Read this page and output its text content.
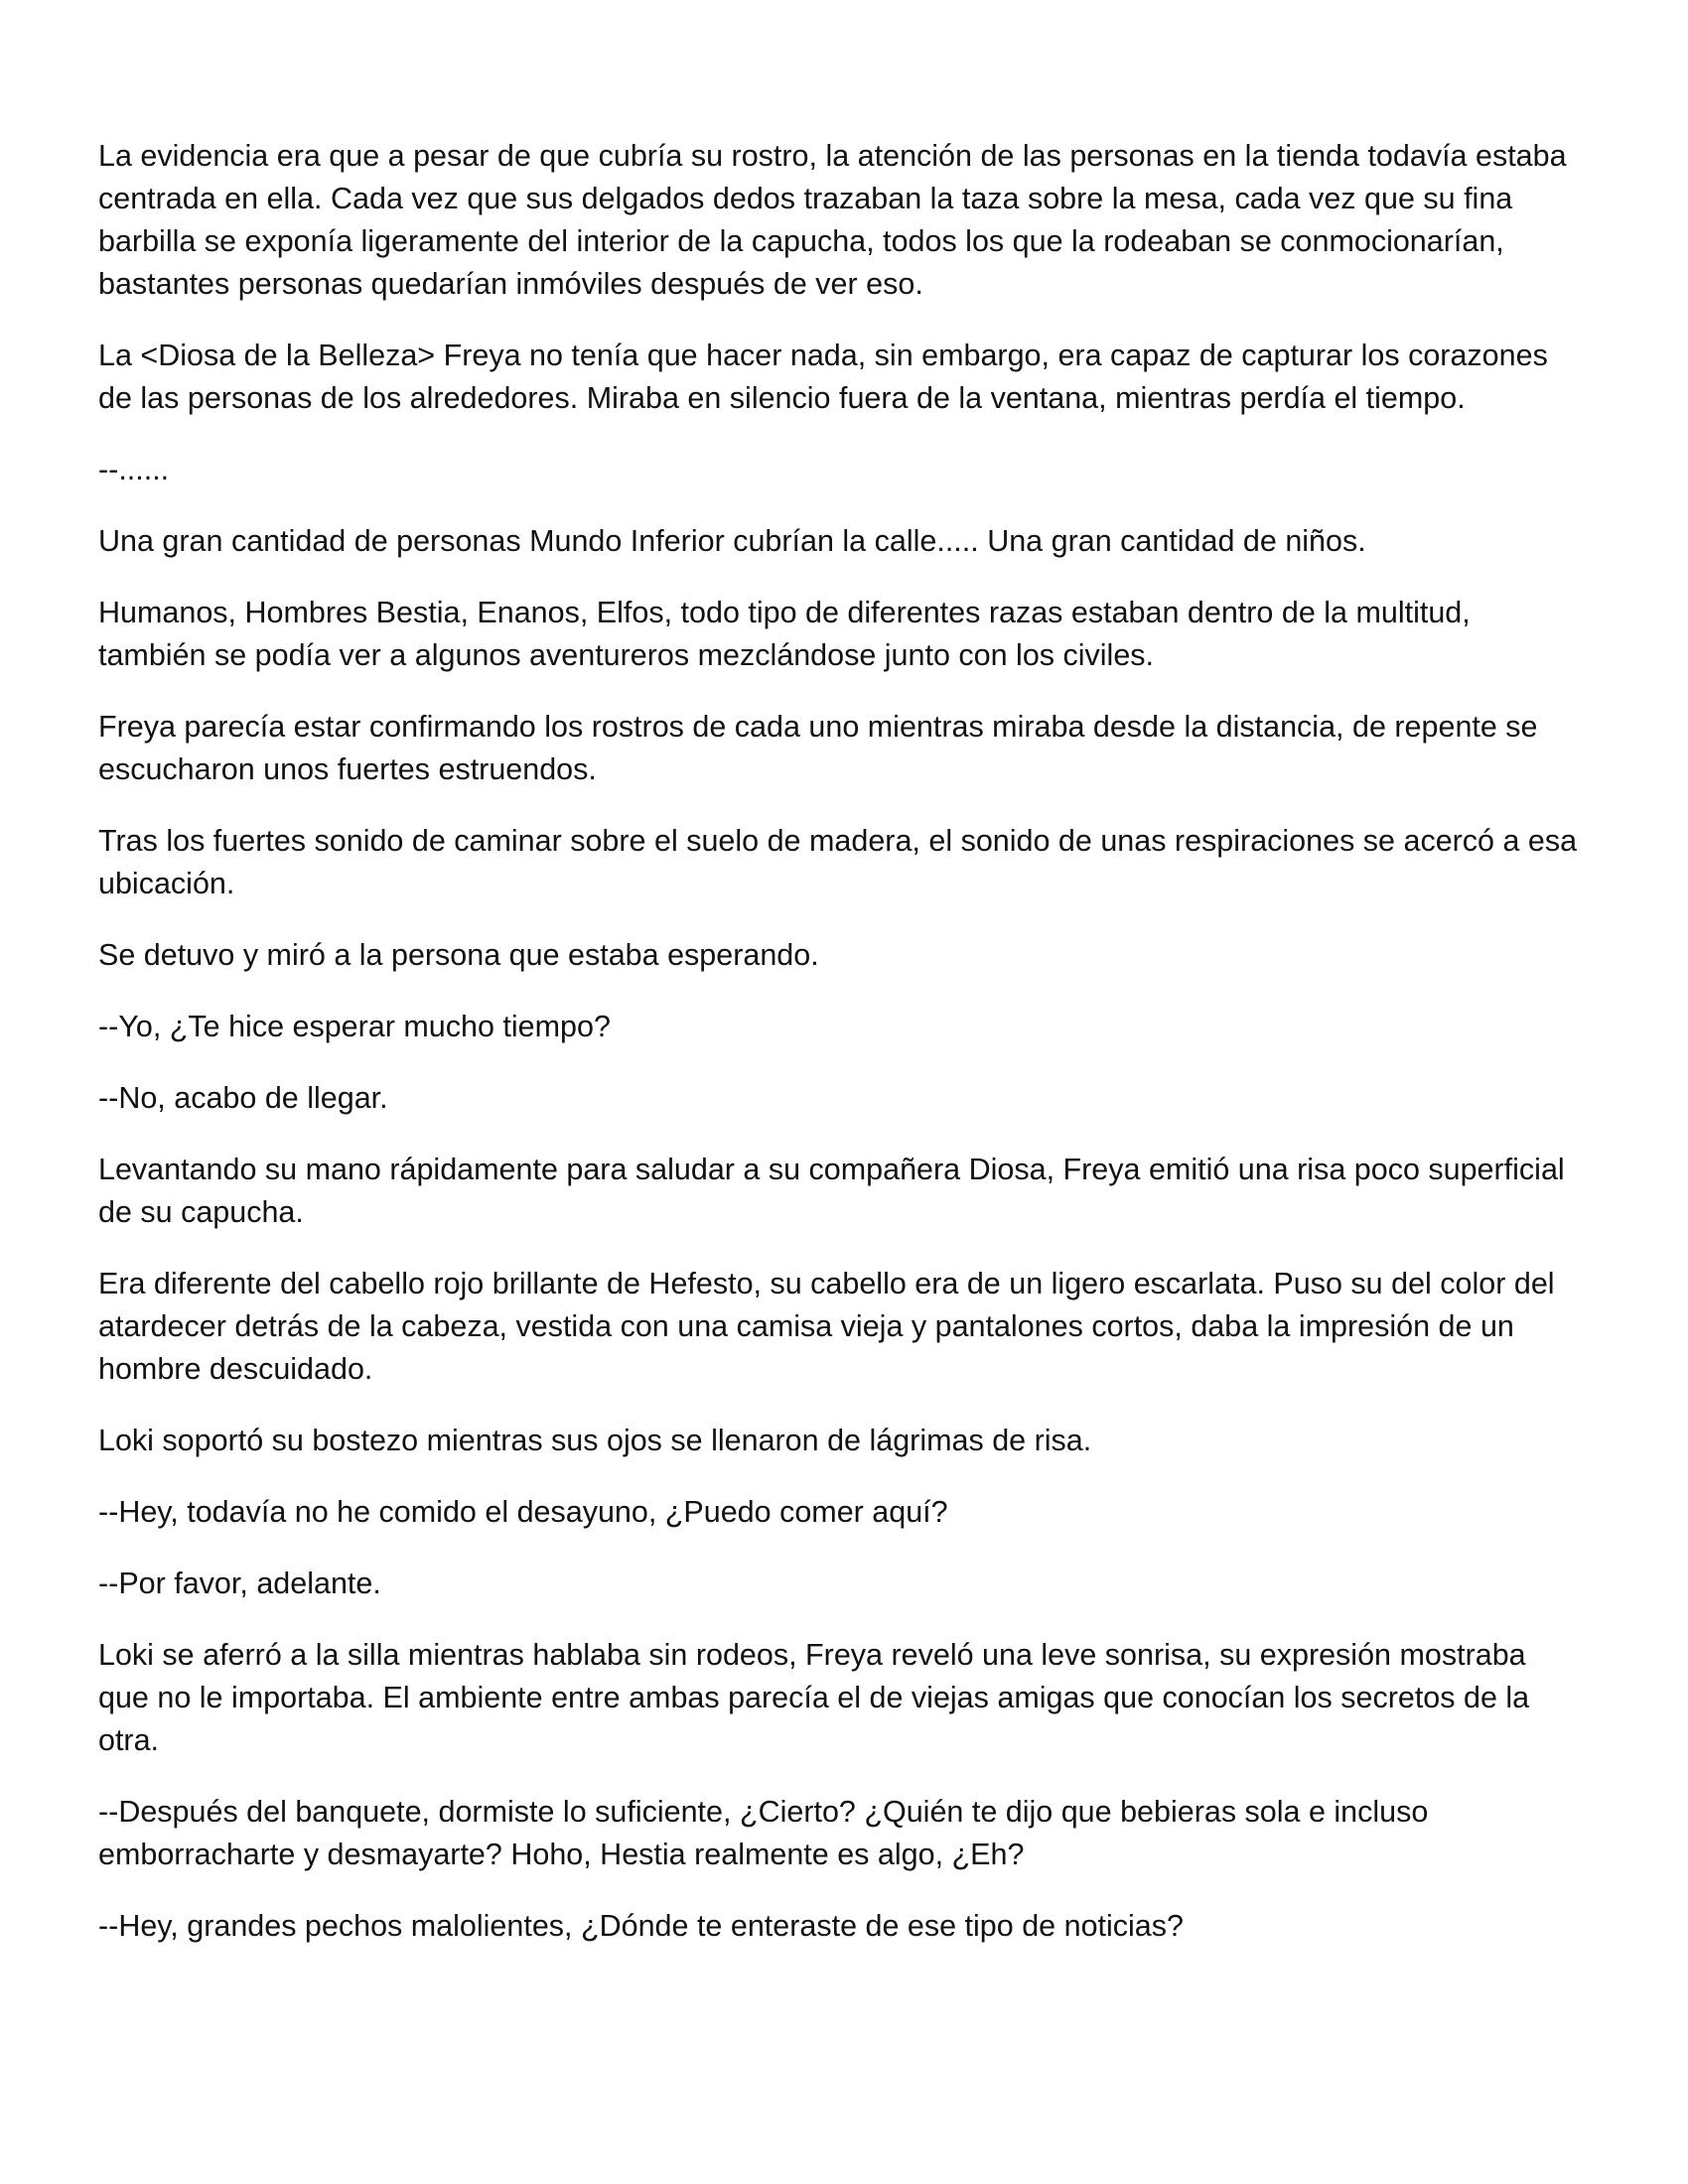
La evidencia era que a pesar de que cubría su rostro, la atención de las personas en la tienda todavía estaba centrada en ella. Cada vez que sus delgados dedos trazaban la taza sobre la mesa, cada vez que su fina barbilla se exponía ligeramente del interior de la capucha, todos los que la rodeaban se conmocionarían, bastantes personas quedarían inmóviles después de ver eso.

La <Diosa de la Belleza> Freya no tenía que hacer nada, sin embargo, era capaz de capturar los corazones de las personas de los alrededores. Miraba en silencio fuera de la ventana, mientras perdía el tiempo.

--......

Una gran cantidad de personas Mundo Inferior cubrían la calle..... Una gran cantidad de niños.

Humanos, Hombres Bestia, Enanos, Elfos, todo tipo de diferentes razas estaban dentro de la multitud, también se podía ver a algunos aventureros mezclándose junto con los civiles.

Freya parecía estar confirmando los rostros de cada uno mientras miraba desde la distancia, de repente se escucharon unos fuertes estruendos.

Tras los fuertes sonido de caminar sobre el suelo de madera, el sonido de unas respiraciones se acercó a esa ubicación.

Se detuvo y miró a la persona que estaba esperando.

--Yo, ¿Te hice esperar mucho tiempo?

--No, acabo de llegar.

Levantando su mano rápidamente para saludar a su compañera Diosa, Freya emitió una risa poco superficial de su capucha.

Era diferente del cabello rojo brillante de Hefesto, su cabello era de un ligero escarlata. Puso su del color del atardecer detrás de la cabeza, vestida con una camisa vieja y pantalones cortos, daba la impresión de un hombre descuidado.

Loki soportó su bostezo mientras sus ojos se llenaron de lágrimas de risa.

--Hey, todavía no he comido el desayuno, ¿Puedo comer aquí?

--Por favor, adelante.

Loki se aferró a la silla mientras hablaba sin rodeos, Freya reveló una leve sonrisa, su expresión mostraba que no le importaba. El ambiente entre ambas parecía el de viejas amigas que conocían los secretos de la otra.

--Después del banquete, dormiste lo suficiente, ¿Cierto? ¿Quién te dijo que bebieras sola e incluso emborracharte y desmayarte? Hoho, Hestia realmente es algo, ¿Eh?

--Hey, grandes pechos malolientes, ¿Dónde te enteraste de ese tipo de noticias?
